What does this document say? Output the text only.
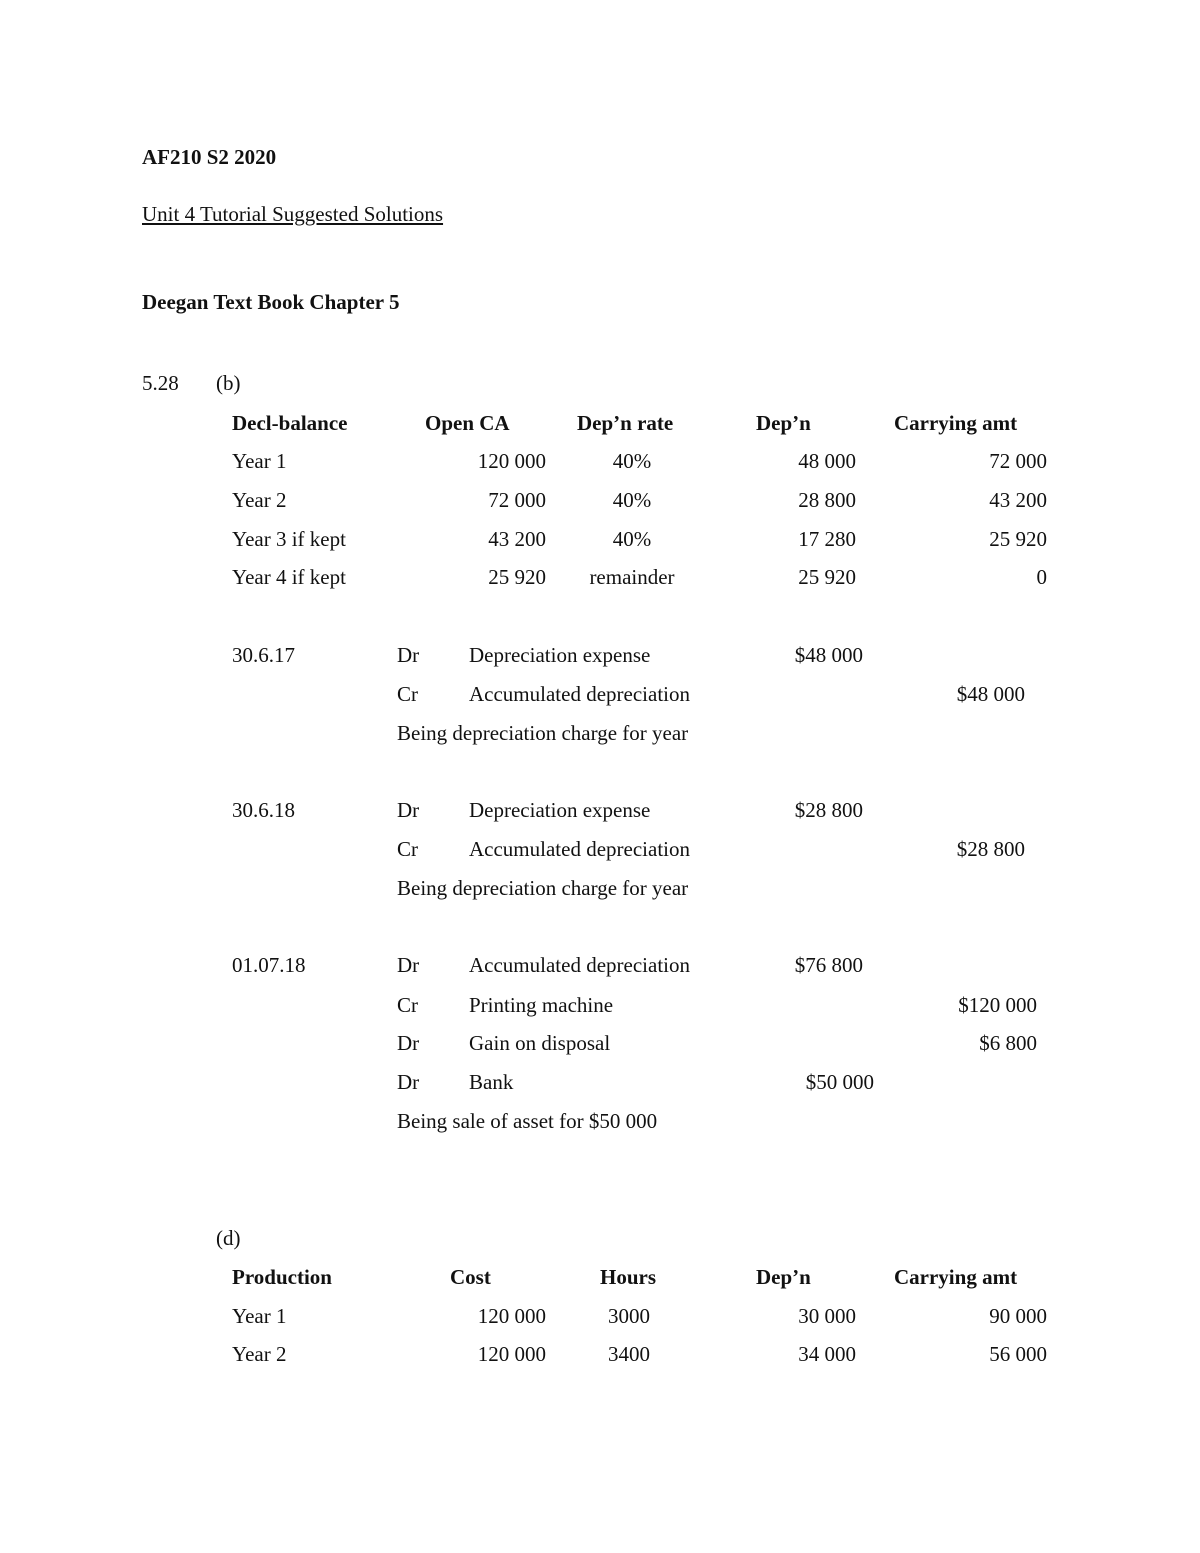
AF210 S2 2020
Unit 4 Tutorial Suggested Solutions
Deegan Text Book Chapter 5
5.28 (b)
Decl-balance	Open CA	Dep’n rate	Dep’n	Carrying amt
Year 1	120 000	40%	48 000	72 000
Year 2	72 000	40%	28 800	43 200
Year 3 if kept	43 200	40%	17 280	25 920
Year 4 if kept	25 920	remainder	25 920	0
30.6.17	Dr Depreciation expense	$48 000
Cr Accumulated depreciation	$48 000
Being depreciation charge for year
30.6.18	Dr Depreciation expense	$28 800
Cr Accumulated depreciation	$28 800
Being depreciation charge for year
01.07.18	Dr Accumulated depreciation	$76 800
Cr Printing machine	$120 000
Dr Gain on disposal	$6 800
Dr Bank	$50 000
Being sale of asset for $50 000
(d)
Production	Cost	Hours	Dep’n	Carrying amt
Year 1	120 000	3000	30 000	90 000
Year 2	120 000	3400	34 000	56 000
